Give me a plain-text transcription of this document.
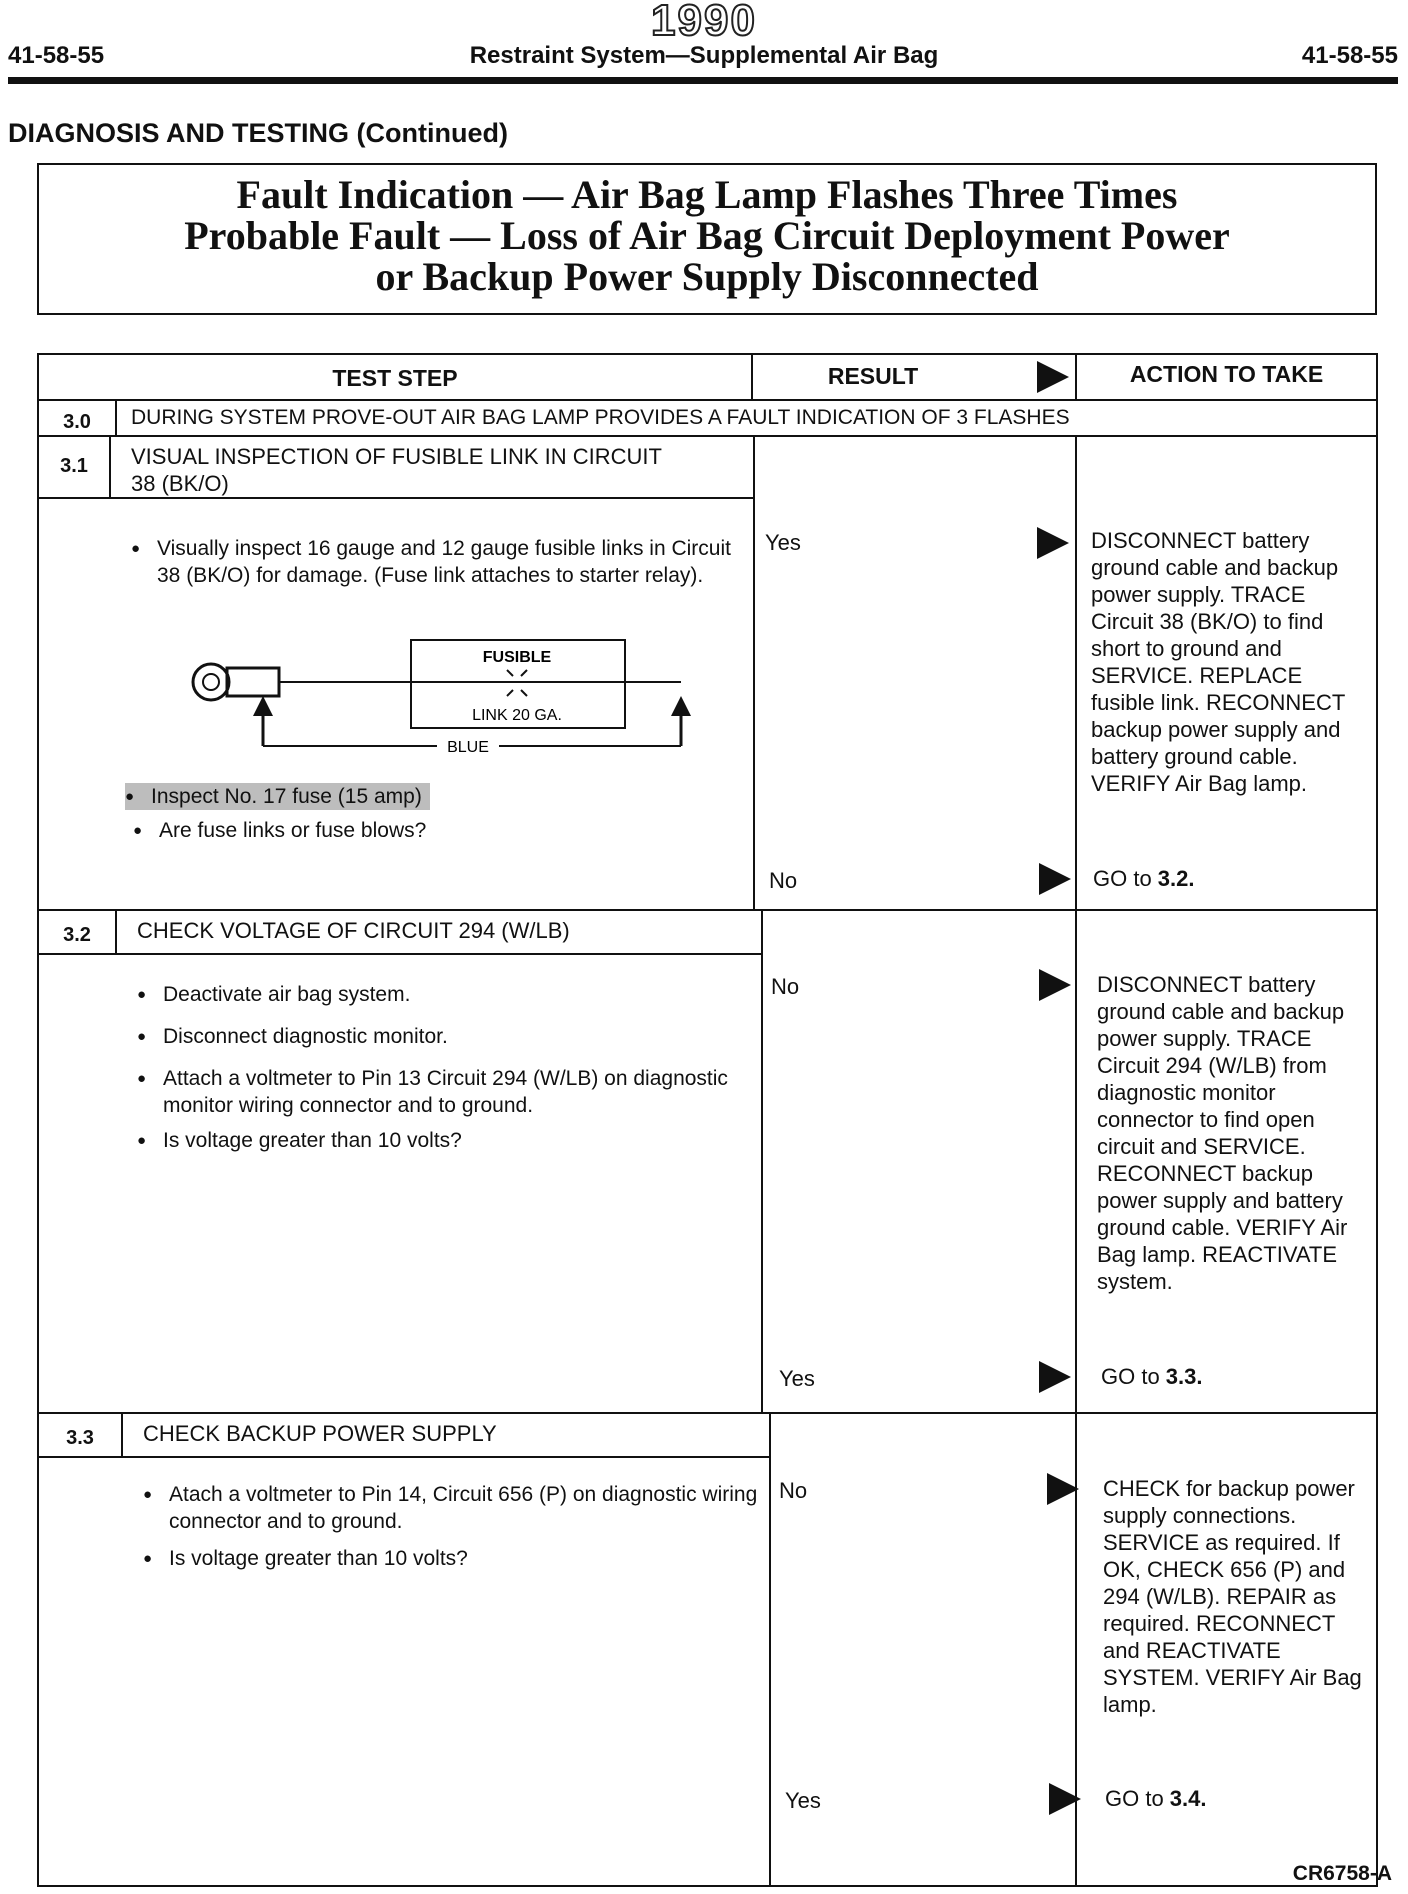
1990
41-58-55	Restraint System—Supplemental Air Bag	41-58-55
DIAGNOSIS AND TESTING (Continued)
Fault Indication — Air Bag Lamp Flashes Three Times
Probable Fault — Loss of Air Bag Circuit Deployment Power
or Backup Power Supply Disconnected
TEST STEP	RESULT	ACTION TO TAKE
3.0	DURING SYSTEM PROVE-OUT AIR BAG LAMP PROVIDES A FAULT INDICATION OF 3 FLASHES
3.1	VISUAL INSPECTION OF FUSIBLE LINK IN CIRCUIT
38 (BK/O)
● Visually inspect 16 gauge and 12 gauge fusible links in Circuit 38 (BK/O) for damage. (Fuse link attaches to starter relay).
FUSIBLE
LINK 20 GA.
BLUE
● Inspect No. 17 fuse (15 amp)
● Are fuse links or fuse blows?
Yes	DISCONNECT battery ground cable and backup power supply. TRACE Circuit 38 (BK/O) to find short to ground and SERVICE. REPLACE fusible link. RECONNECT backup power supply and battery ground cable. VERIFY Air Bag lamp.
No	GO to 3.2.
3.2	CHECK VOLTAGE OF CIRCUIT 294 (W/LB)
● Deactivate air bag system.
● Disconnect diagnostic monitor.
● Attach a voltmeter to Pin 13 Circuit 294 (W/LB) on diagnostic monitor wiring connector and to ground.
● Is voltage greater than 10 volts?
No	DISCONNECT battery ground cable and backup power supply. TRACE Circuit 294 (W/LB) from diagnostic monitor connector to find open circuit and SERVICE. RECONNECT backup power supply and battery ground cable. VERIFY Air Bag lamp. REACTIVATE system.
Yes	GO to 3.3.
3.3	CHECK BACKUP POWER SUPPLY
● Atach a voltmeter to Pin 14, Circuit 656 (P) on diagnostic wiring connector and to ground.
● Is voltage greater than 10 volts?
No	CHECK for backup power supply connections. SERVICE as required. If OK, CHECK 656 (P) and 294 (W/LB). REPAIR as required. RECONNECT and REACTIVATE SYSTEM. VERIFY Air Bag lamp.
Yes	GO to 3.4.
CR6758-A
